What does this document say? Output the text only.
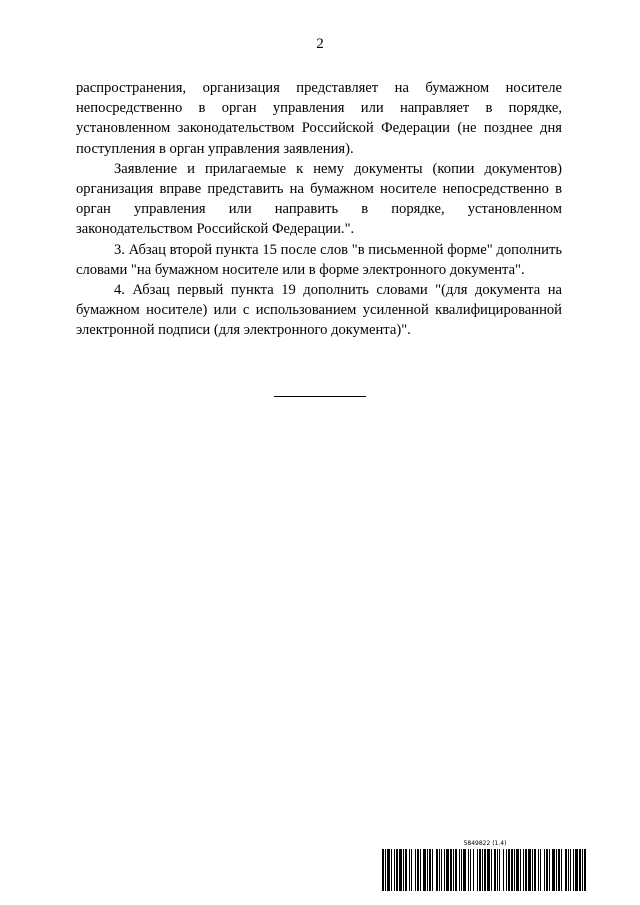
2

распространения, организация представляет на бумажном носителе непосредственно в орган управления или направляет в порядке, установленном законодательством Российской Федерации (не позднее дня поступления в орган управления заявления).

Заявление и прилагаемые к нему документы (копии документов) организация вправе представить на бумажном носителе непосредственно в орган управления или направить в порядке, установленном законодательством Российской Федерации.".

3. Абзац второй пункта 15 после слов "в письменной форме" дополнить словами "на бумажном носителе или в форме электронного документа".

4. Абзац первый пункта 19 дополнить словами "(для документа на бумажном носителе) или с использованием усиленной квалифицированной электронной подписи (для электронного документа)".

5849822 (1.4)
